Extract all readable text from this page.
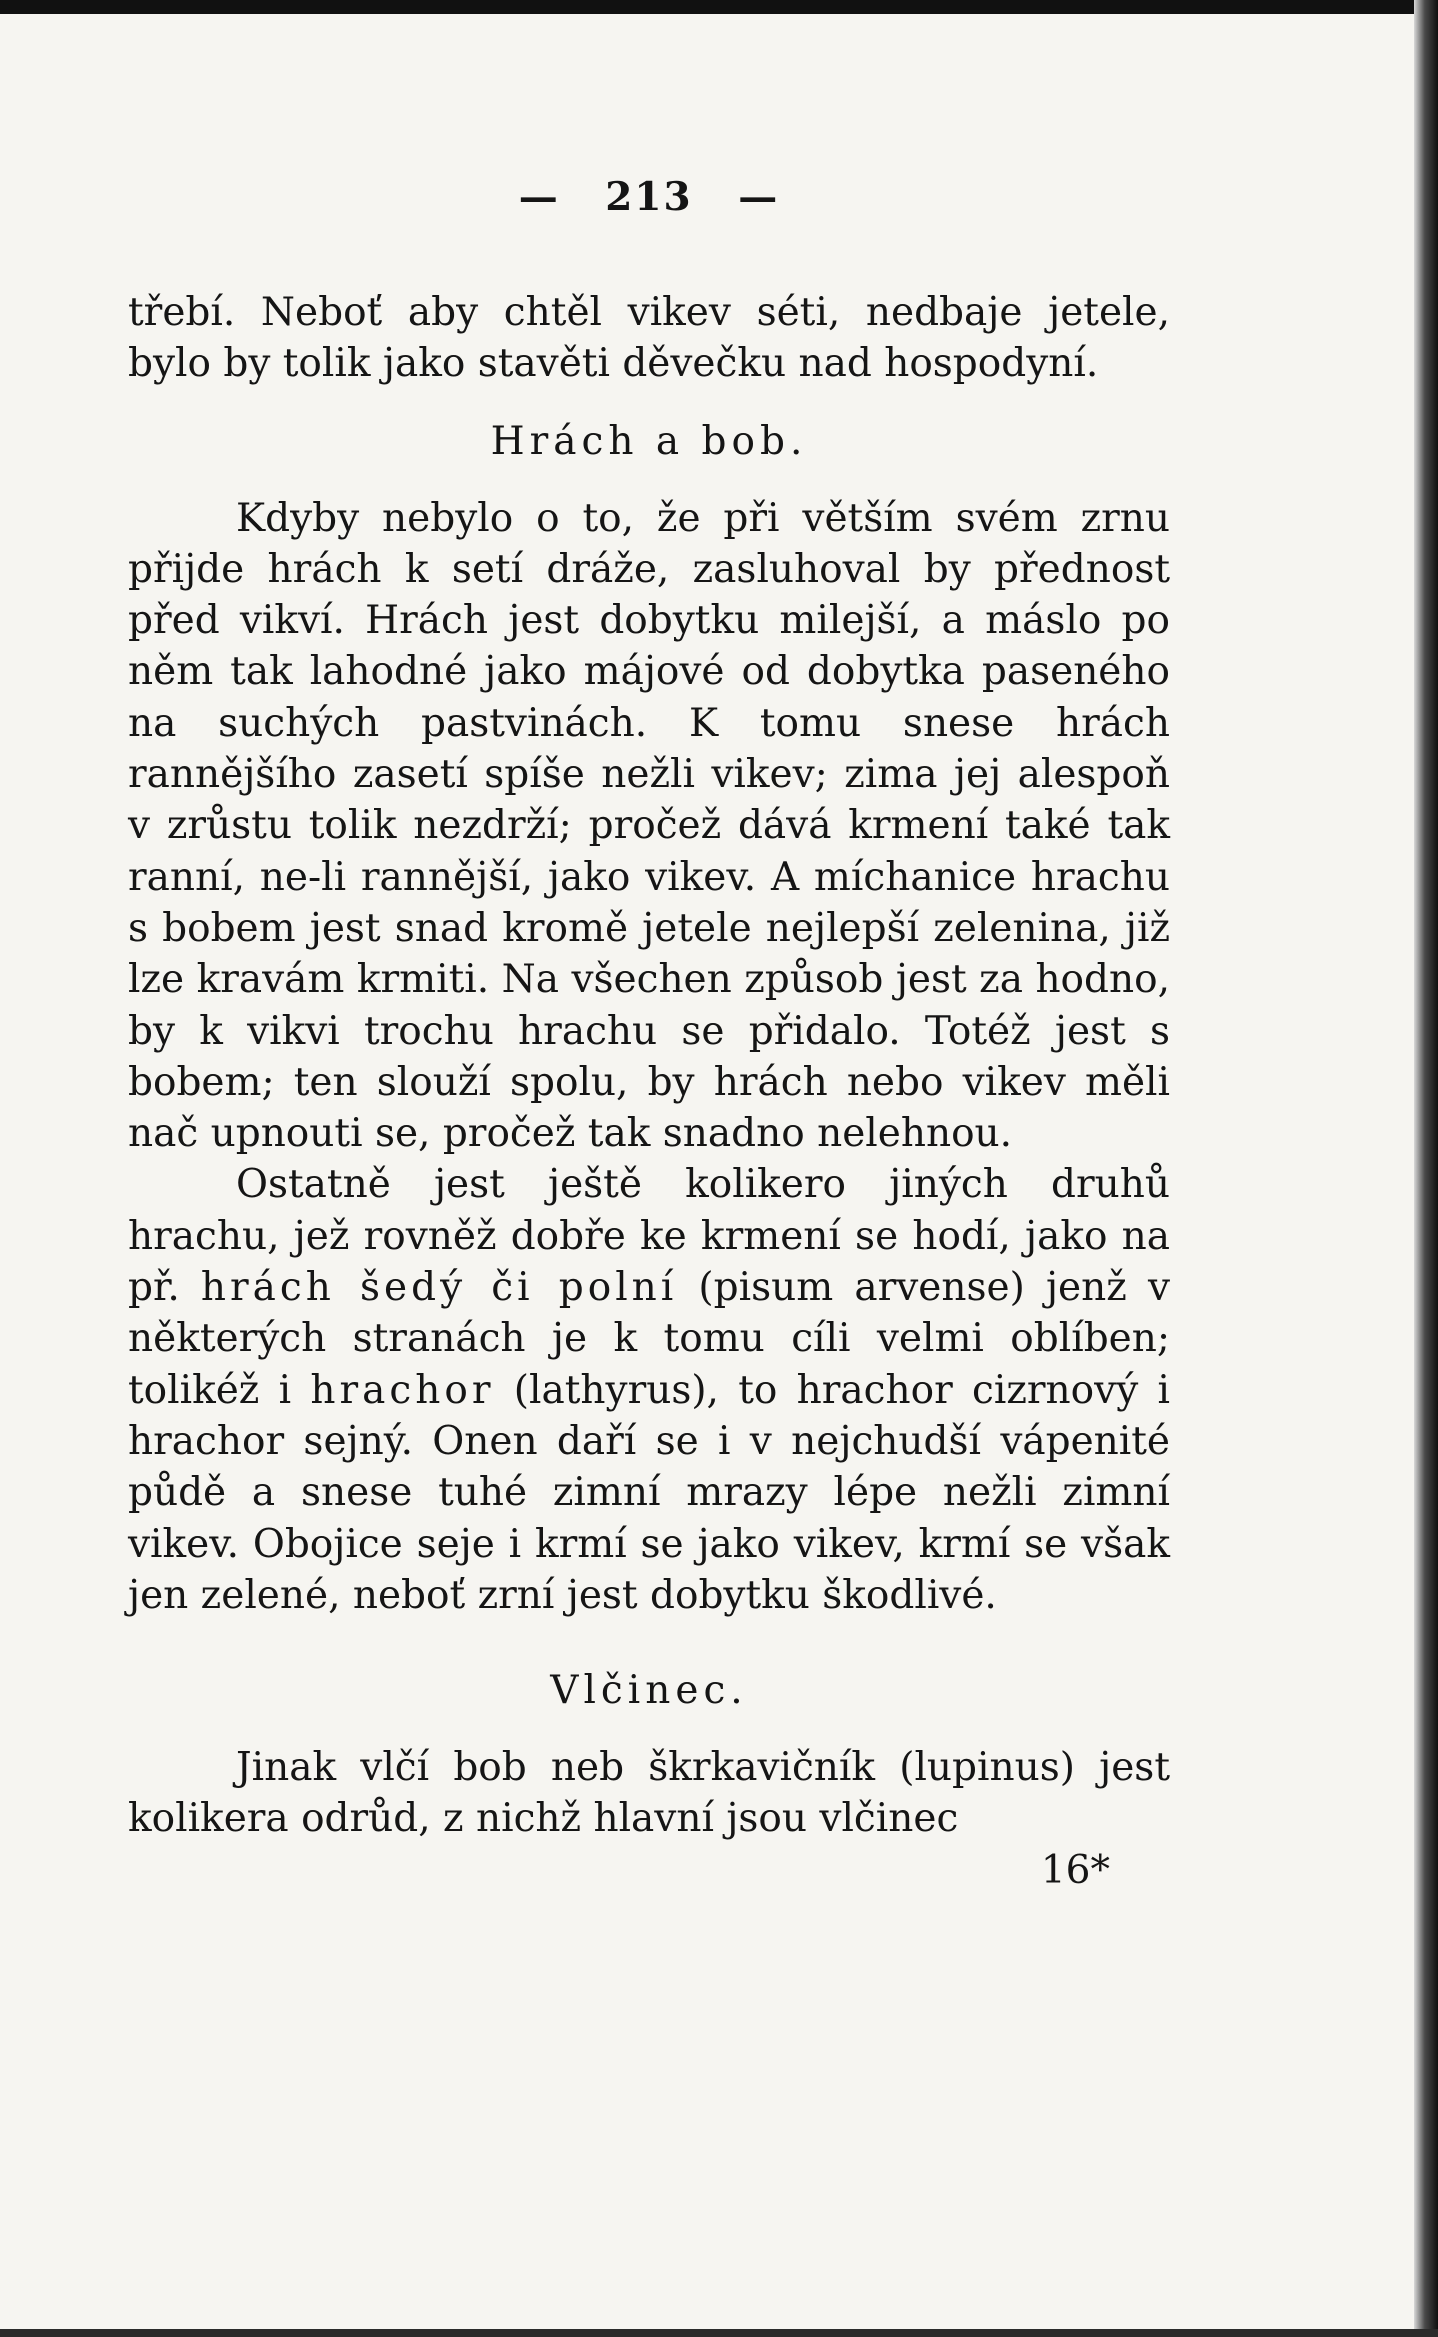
— 213 —

třebí. Neboť aby chtěl vikev séti, nedbaje jetele, bylo by tolik jako stavěti děvečku nad hospodyní.

Hrách a bob.

Kdyby nebylo o to, že při větším svém zrnu přijde hrách k setí dráže, zasluhoval by přednost před vikví. Hrách jest dobytku milejší, a máslo po něm tak lahodné jako májové od dobytka paseného na suchých pastvinách. K tomu snese hrách rannějšího zasetí spíše nežli vikev; zima jej alespoň v zrůstu tolik nezdrží; pročež dává krmení také tak ranní, ne-li rannější, jako vikev. A míchanice hrachu s bobem jest snad kromě jetele nejlepší zelenina, již lze kravám krmiti. Na všechen způsob jest za hodno, by k vikvi trochu hrachu se přidalo. Totéž jest s bobem; ten slouží spolu, by hrách nebo vikev měli nač upnouti se, pročež tak snadno nelehnou.

Ostatně jest ještě kolikero jiných druhů hrachu, jež rovněž dobře ke krmení se hodí, jako na př. hrách šedý či polní (pisum arvense) jenž v některých stranách je k tomu cíli velmi oblíben; tolikéž i hrachor (lathyrus), to hrachor cizrnový i hrachor sejný. Onen daří se i v nejchudší vápenité půdě a snese tuhé zimní mrazy lépe nežli zimní vikev. Obojice seje i krmí se jako vikev, krmí se však jen zelené, neboť zrní jest dobytku škodlivé.

Vlčinec.

Jinak vlčí bob neb škrkavičník (lupinus) jest kolikera odrůd, z nichž hlavní jsou vlčinec

16*
